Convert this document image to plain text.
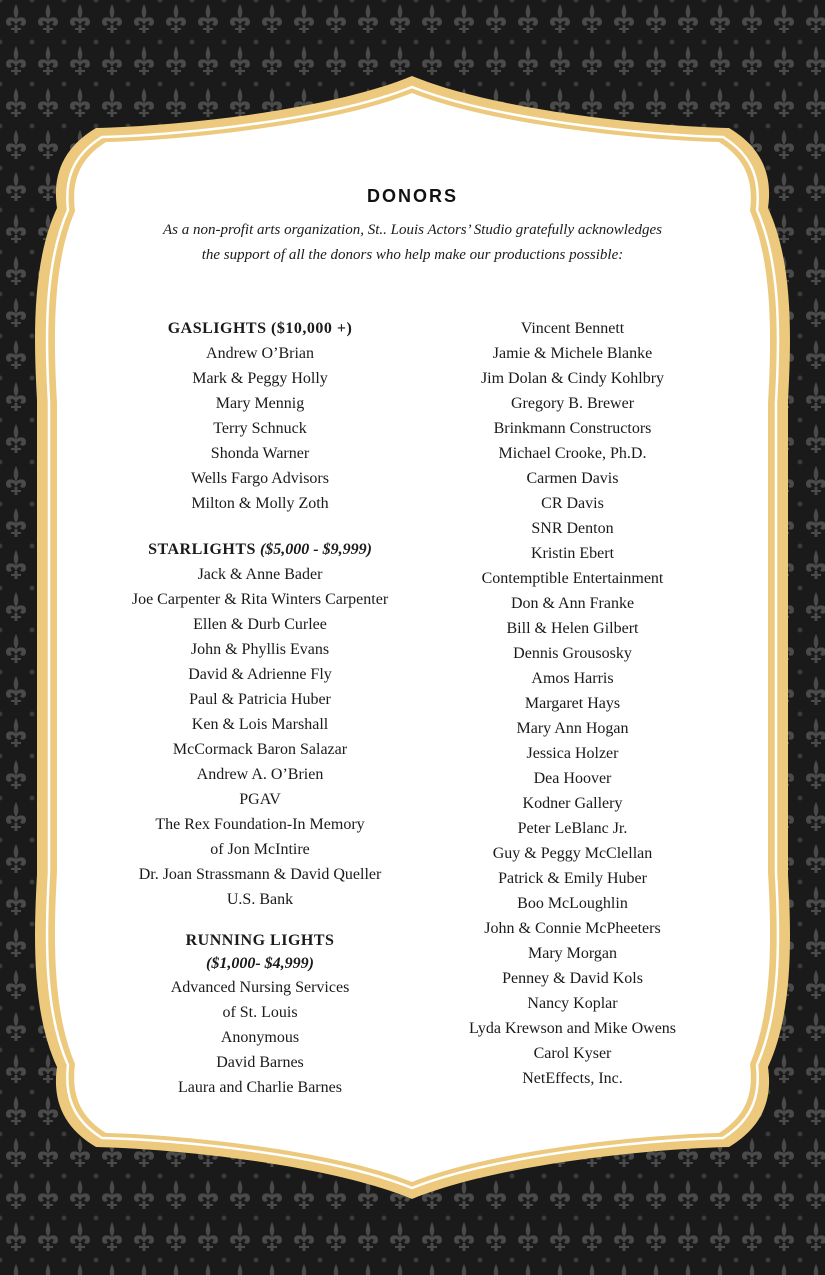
DONORS
As a non-profit arts organization, St.. Louis Actors’ Studio gratefully acknowledges
the support of all the donors who help make our productions possible:
GASLIGHTS ($10,000 +)
Andrew O’Brian
Mark & Peggy Holly
Mary Mennig
Terry Schnuck
Shonda Warner
Wells Fargo Advisors
Milton & Molly Zoth
STARLIGHTS ($5,000 - $9,999)
Jack & Anne Bader
Joe Carpenter & Rita Winters Carpenter
Ellen & Durb Curlee
John & Phyllis Evans
David & Adrienne Fly
Paul & Patricia Huber
Ken & Lois Marshall
McCormack Baron Salazar
Andrew A. O’Brien
PGAV
The Rex Foundation-In Memory
of Jon McIntire
Dr. Joan Strassmann & David Queller
U.S. Bank
RUNNING LIGHTS
($1,000- $4,999)
Advanced Nursing Services
of St. Louis
Anonymous
David Barnes
Laura and Charlie Barnes
Vincent Bennett
Jamie & Michele Blanke
Jim Dolan & Cindy Kohlbry
Gregory B. Brewer
Brinkmann Constructors
Michael Crooke, Ph.D.
Carmen Davis
CR Davis
SNR Denton
Kristin Ebert
Contemptible Entertainment
Don & Ann Franke
Bill & Helen Gilbert
Dennis Grousosky
Amos Harris
Margaret Hays
Mary Ann Hogan
Jessica Holzer
Dea Hoover
Kodner Gallery
Peter LeBlanc Jr.
Guy & Peggy McClellan
Patrick & Emily Huber
Boo McLoughlin
John & Connie McPheeters
Mary Morgan
Penney & David Kols
Nancy Koplar
Lyda Krewson and Mike Owens
Carol Kyser
NetEffects, Inc.
